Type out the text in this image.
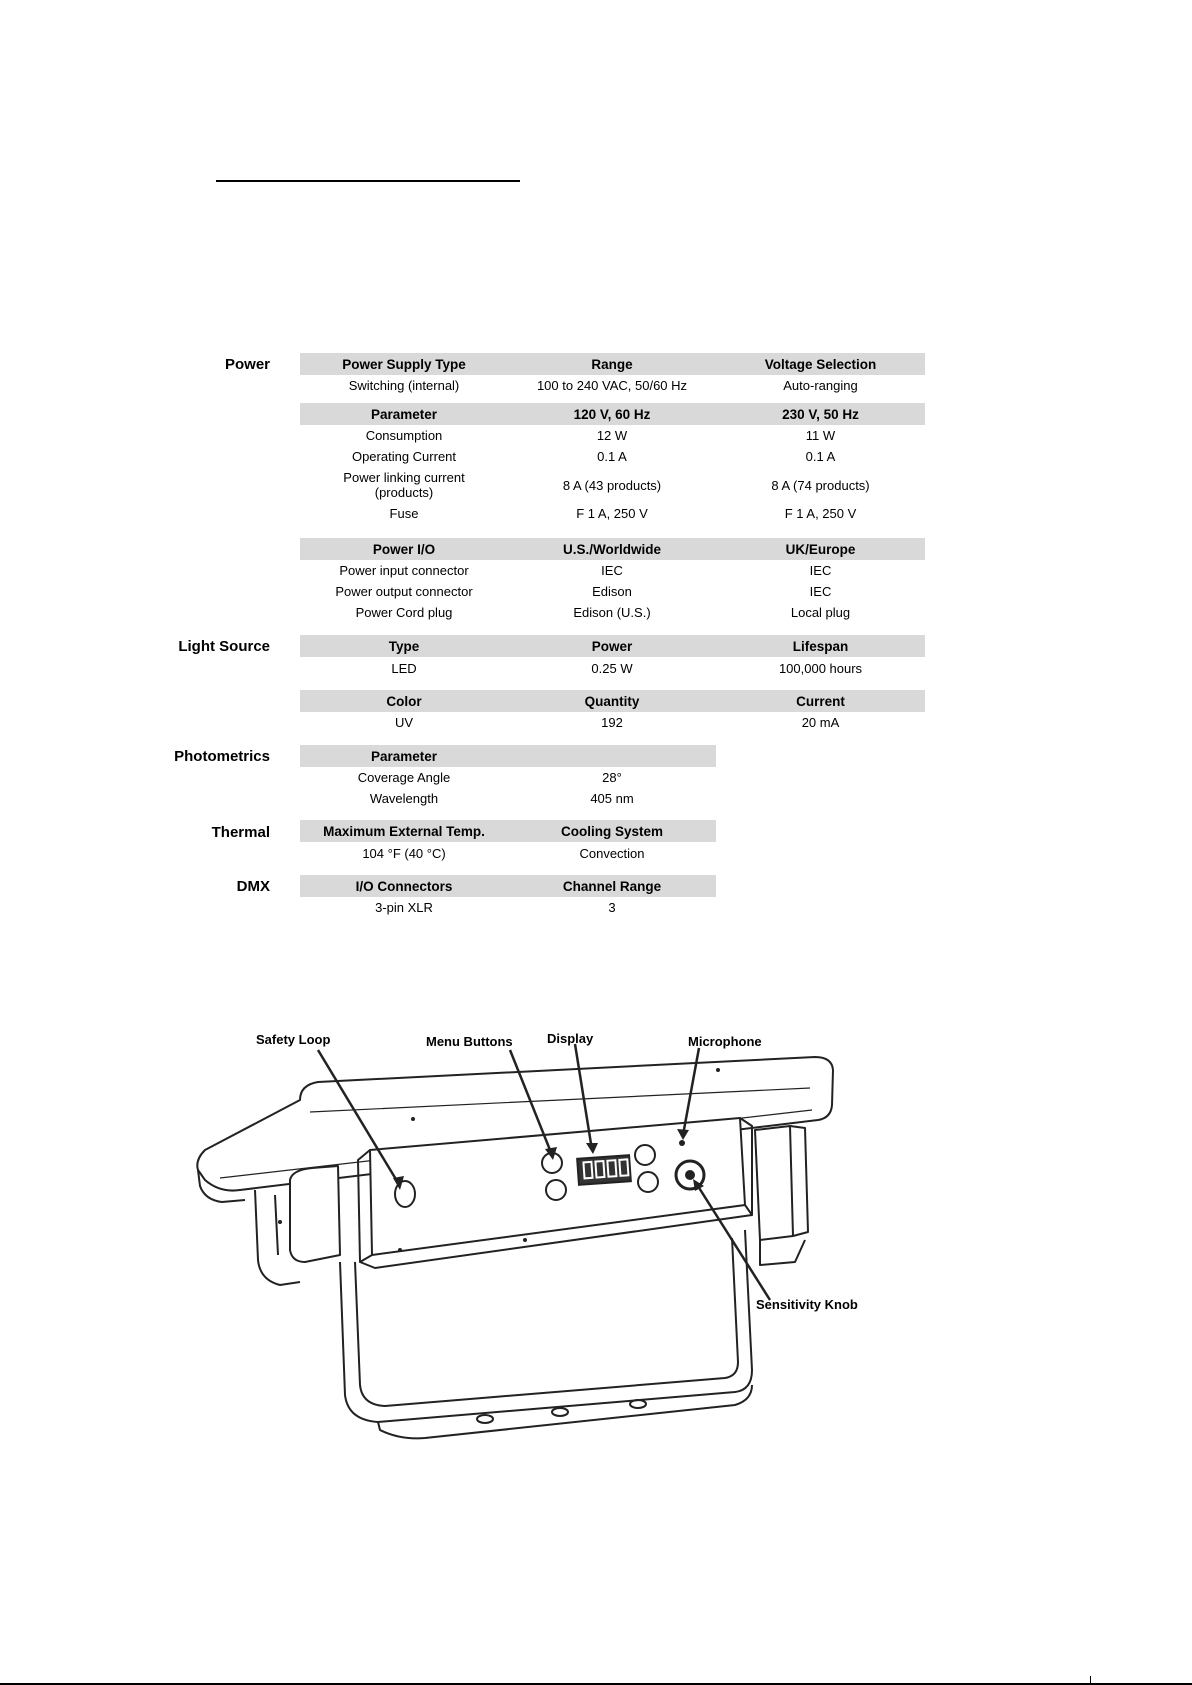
Power
Light Source
Photometrics
Thermal
DMX
Power Supply Type	Range	Voltage Selection
Switching (internal)	100 to 240 VAC, 50/60 Hz	Auto-ranging
Parameter	120 V, 60 Hz	230 V, 50 Hz
Consumption	12 W	11 W
Operating Current	0.1 A	0.1 A
Power linking current (products)	8 A (43 products)	8 A (74 products)
Fuse	F 1 A, 250 V	F 1 A, 250 V
Power I/O	U.S./Worldwide	UK/Europe
Power input connector	IEC	IEC
Power output connector	Edison	IEC
Power Cord plug	Edison (U.S.)	Local plug
Type	Power	Lifespan
LED	0.25 W	100,000 hours
Color	Quantity	Current
UV	192	20 mA
Parameter
Coverage Angle	28°
Wavelength	405 nm
Maximum External Temp.	Cooling System
104 °F (40 °C)	Convection
I/O Connectors	Channel Range
3-pin XLR	3
Safety Loop	Menu Buttons	Display	Microphone
Sensitivity Knob
